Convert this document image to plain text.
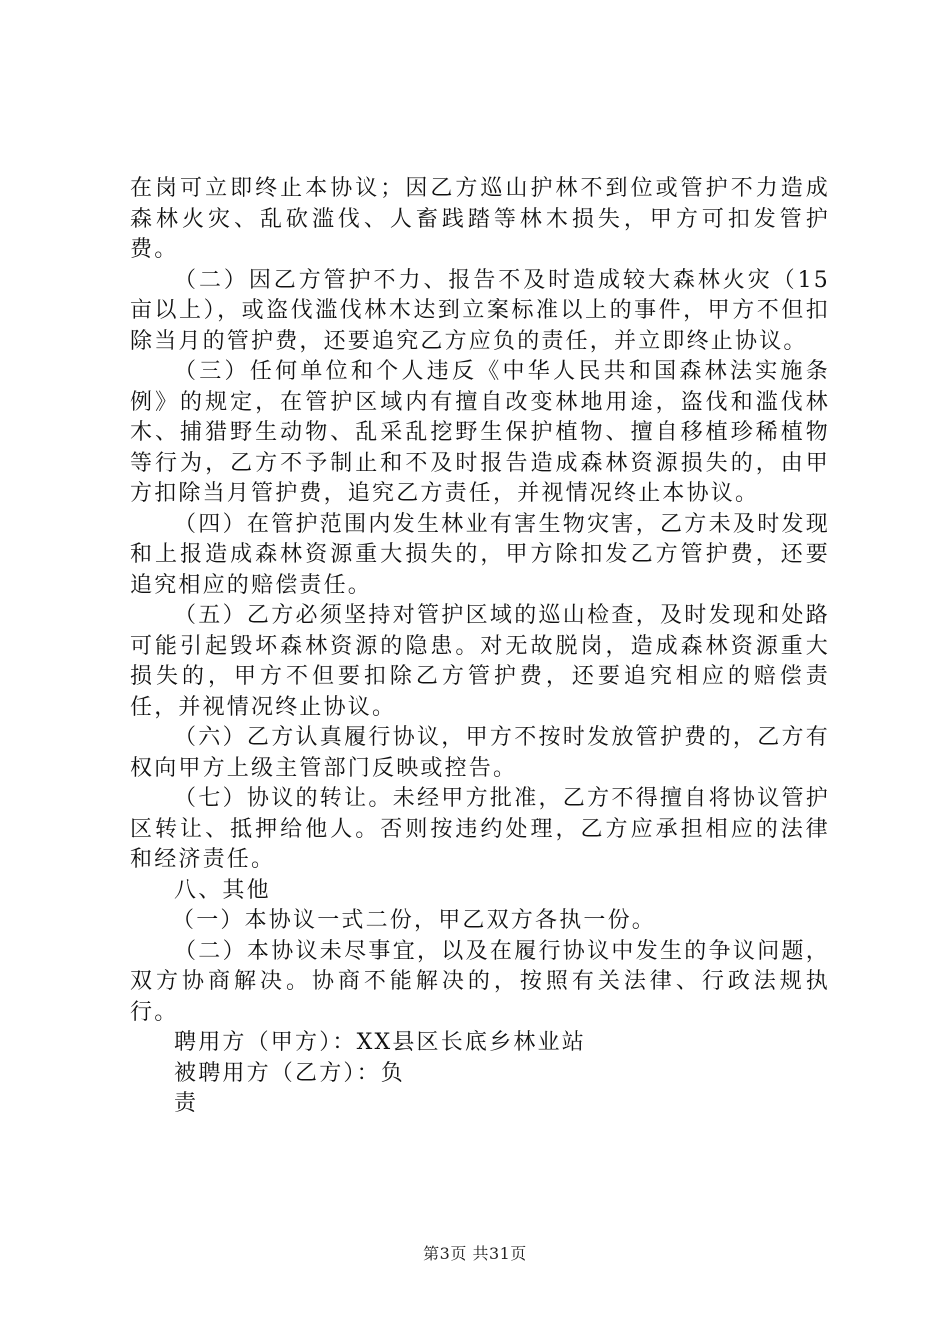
在岗可立即终止本协议；因乙方巡山护林不到位或管护不力造成森林火灾、乱砍滥伐、人畜践踏等林木损失，甲方可扣发管护费。

（二）因乙方管护不力、报告不及时造成较大森林火灾（15亩以上），或盗伐滥伐林木达到立案标准以上的事件，甲方不但扣除当月的管护费，还要追究乙方应负的责任，并立即终止协议。

（三）任何单位和个人违反《中华人民共和国森林法实施条例》的规定，在管护区域内有擅自改变林地用途，盗伐和滥伐林木、捕猎野生动物、乱采乱挖野生保护植物、擅自移植珍稀植物等行为，乙方不予制止和不及时报告造成森林资源损失的，由甲方扣除当月管护费，追究乙方责任，并视情况终止本协议。

（四）在管护范围内发生林业有害生物灾害，乙方未及时发现和上报造成森林资源重大损失的，甲方除扣发乙方管护费，还要追究相应的赔偿责任。

（五）乙方必须坚持对管护区域的巡山检查，及时发现和处路可能引起毁坏森林资源的隐患。对无故脱岗，造成森林资源重大损失的，甲方不但要扣除乙方管护费，还要追究相应的赔偿责任，并视情况终止协议。

（六）乙方认真履行协议，甲方不按时发放管护费的，乙方有权向甲方上级主管部门反映或控告。

（七）协议的转让。未经甲方批准，乙方不得擅自将协议管护区转让、抵押给他人。否则按违约处理，乙方应承担相应的法律和经济责任。

八、其他

（一）本协议一式二份，甲乙双方各执一份。

（二）本协议未尽事宜，以及在履行协议中发生的争议问题，双方协商解决。协商不能解决的，按照有关法律、行政法规执行。

聘用方（甲方）：XX县区长底乡林业站

被聘用方（乙方）：负

责

第3页 共31页
